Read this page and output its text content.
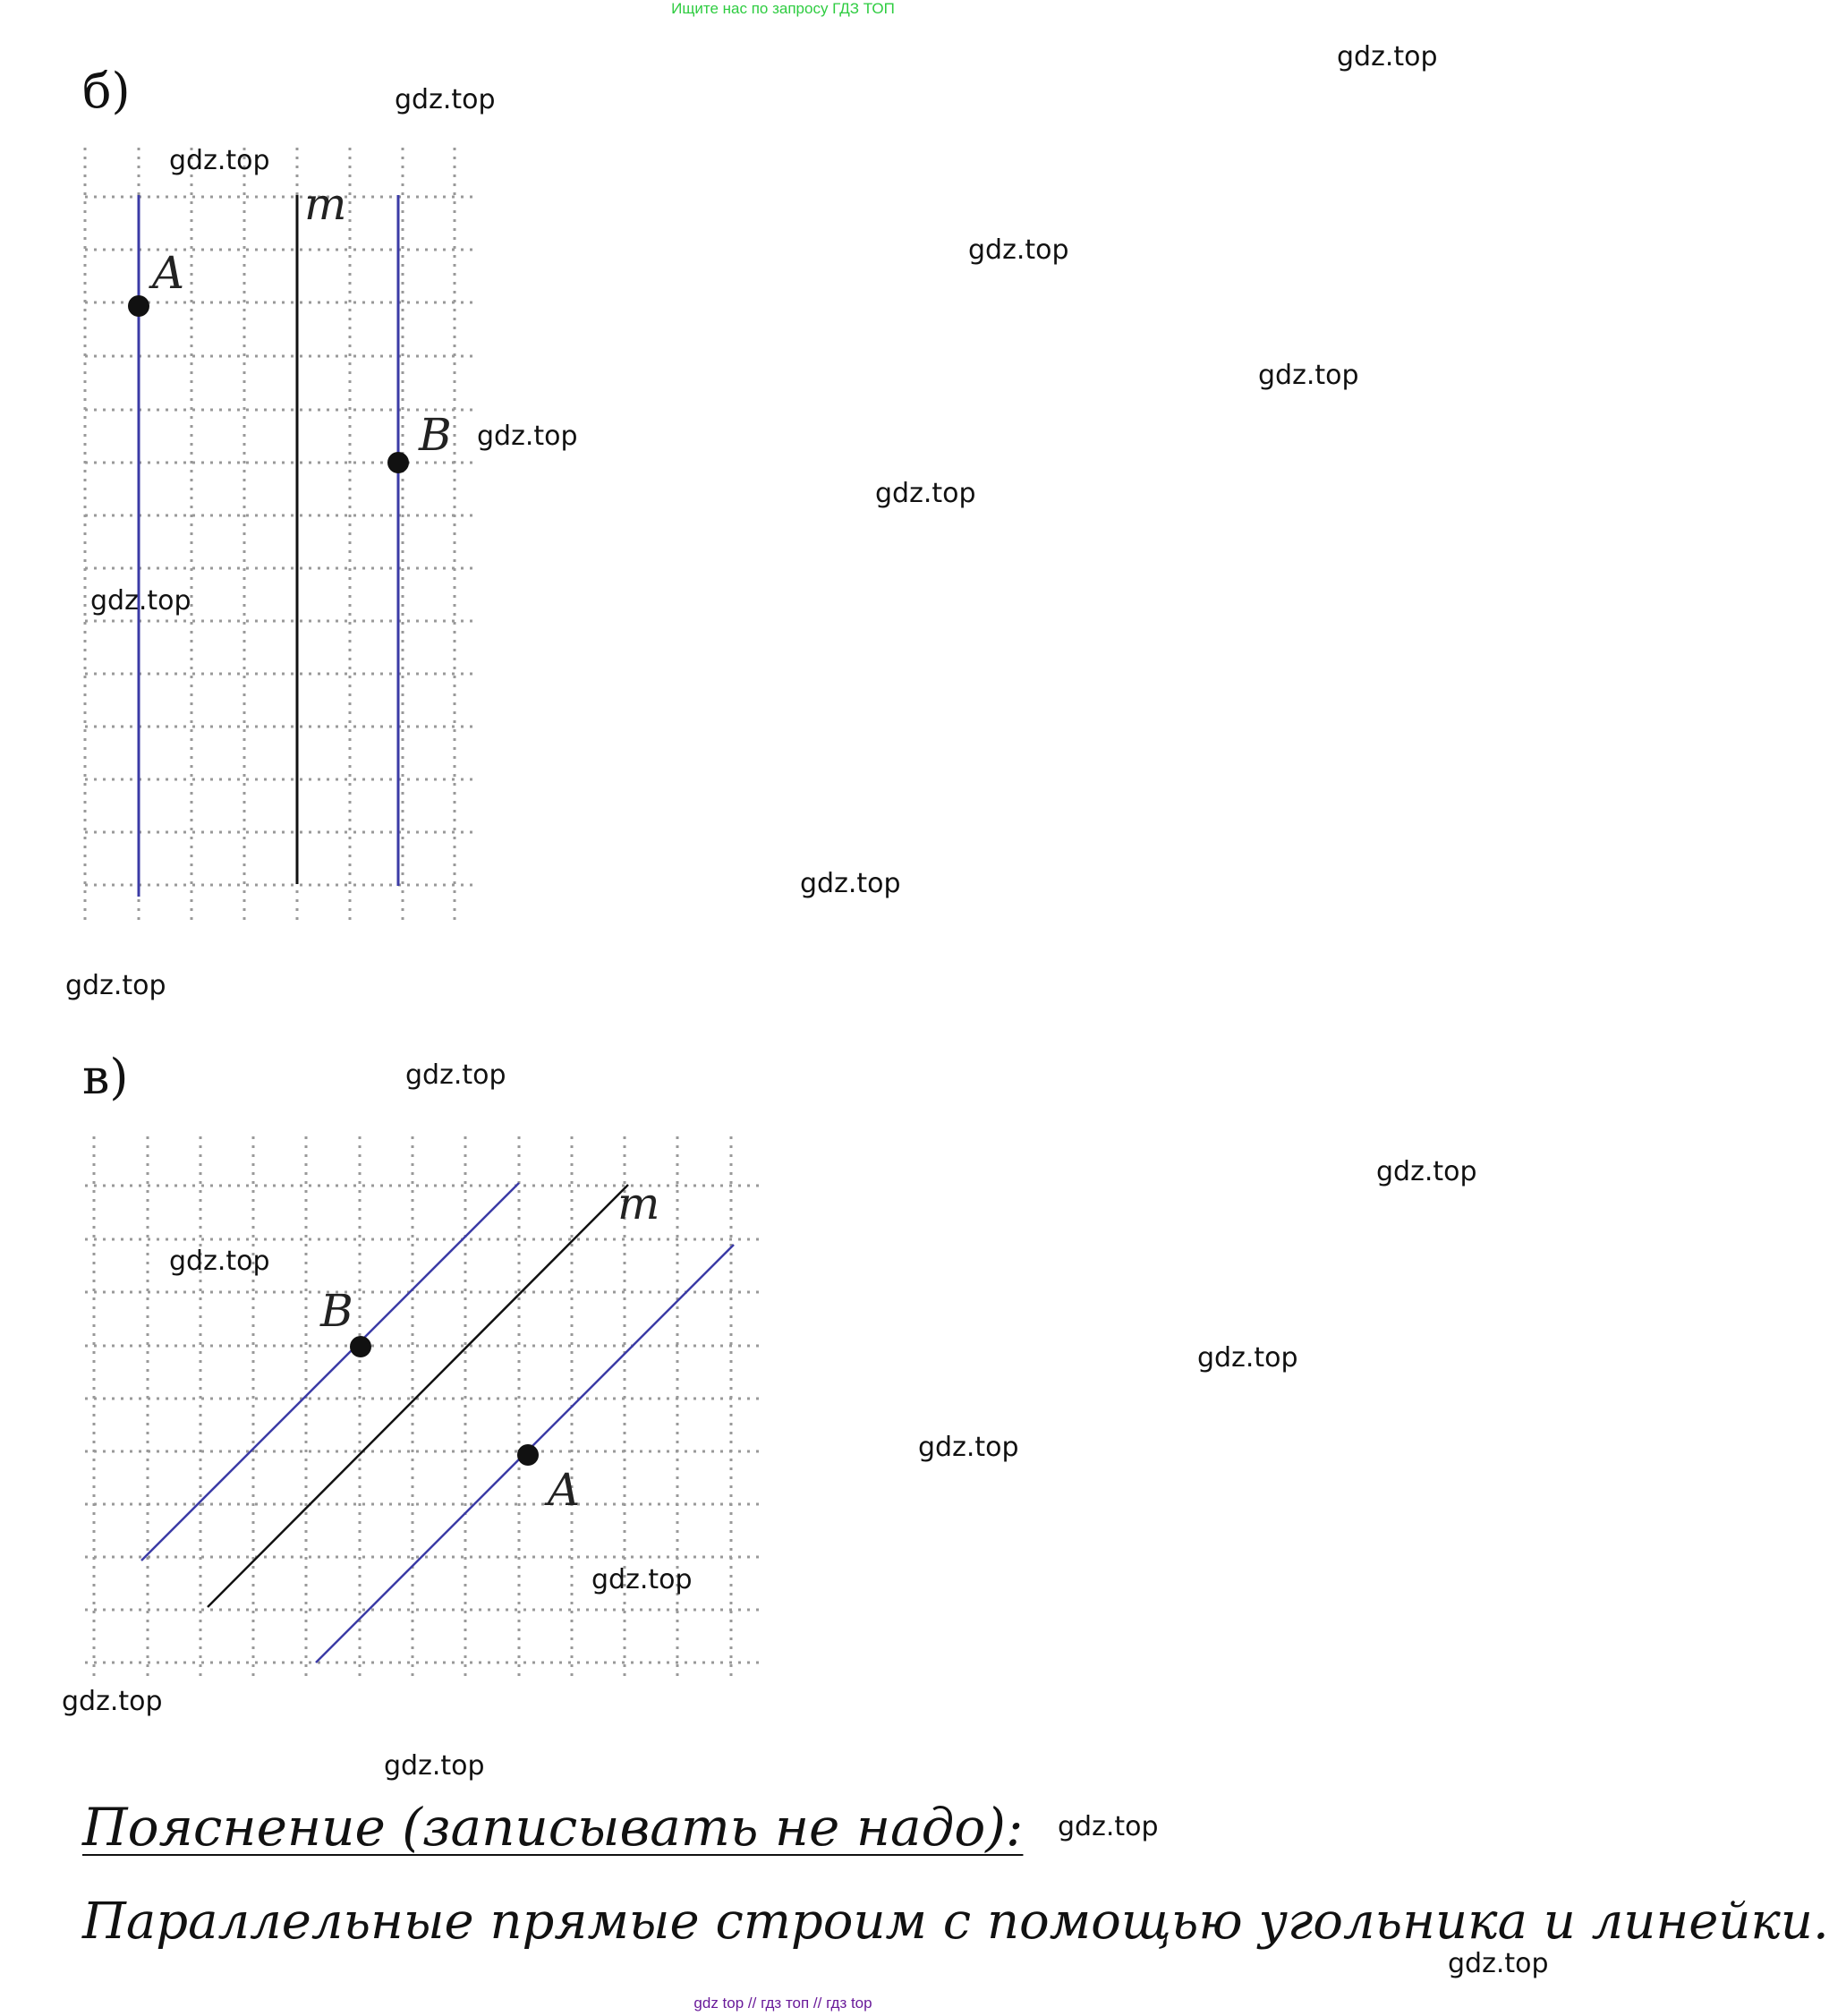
Ищите нас по запросу ГДЗ ТОП
б)
m
A
B
в)
m
B
A
Пояснение (записывать не надо):
Параллельные прямые строим с помощью угольника и линейки.
gdz.top
gdz.top
gdz.top
gdz.top
gdz.top
gdz.top
gdz.top
gdz.top
gdz.top
gdz.top
gdz.top
gdz.top
gdz.top
gdz.top
gdz.top
gdz.top
gdz.top
gdz.top
gdz.top
gdz.top
gdz top // гдз топ // гдз top
